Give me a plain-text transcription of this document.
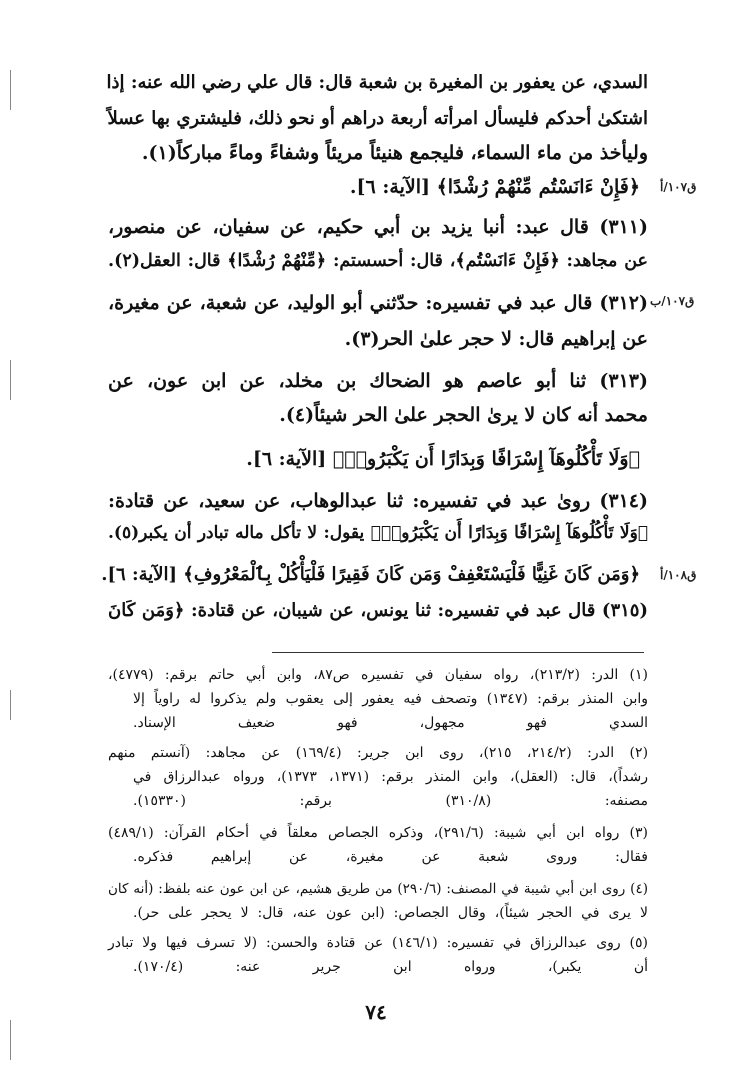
السدي، عن يعفور بن المغيرة بن شعبة قال: قال علي رضي الله عنه: إذا
اشتكىٰ أحدكم فليسأل امرأته أربعة دراهم أو نحو ذلك، فليشتري بها عسلاً
وليأخذ من ماء السماء، فليجمع هنيئاً مريئاً وشفاءً وماءً مباركاً(١).
﴿فَإِنْ ءَانَسْتُم مِّنْهُمْ رُشْدًا﴾ [الآية: ٦].
(٣١١) قال عبد: أنبا يزيد بن أبي حكيم، عن سفيان، عن منصور،
عن مجاهد: ﴿فَإِنْ ءَانَسْتُم﴾، قال: أحسستم: ﴿مِّنْهُمْ رُشْدًا﴾ قال: العقل(٢).
(٣١٢) قال عبد في تفسيره: حدّثني أبو الوليد، عن شعبة، عن مغيرة،
عن إبراهيم قال: لا حجر علىٰ الحر(٣).
(٣١٣) ثنا أبو عاصم هو الضحاك بن مخلد، عن ابن عون، عن
محمد أنه كان لا يرىٰ الحجر علىٰ الحر شيئاً(٤).
﴿وَلَا تَأْكُلُوهَآ إِسْرَافًا وَبِدَارًا أَن يَكْبَرُوا۟﴾ [الآية: ٦].
(٣١٤) روىٰ عبد في تفسيره: ثنا عبدالوهاب، عن سعيد، عن قتادة:
﴿وَلَا تَأْكُلُوهَآ إِسْرَافًا وَبِدَارًا أَن يَكْبَرُوا۟﴾ يقول: لا تأكل ماله تبادر أن يكبر(٥).
﴿وَمَن كَانَ غَنِيًّا فَلْيَسْتَعْفِفْ وَمَن كَانَ فَقِيرًا فَلْيَأْكُلْ بِٱلْمَعْرُوفِ﴾ [الآية: ٦].
(٣١٥) قال عبد في تفسيره: ثنا يونس، عن شيبان، عن قتادة: ﴿وَمَن كَانَ
ق١٠٧/أ
ق١٠٧/ب
ق١٠٨/أ
(١) الدر: (٢١٣/٢)، رواه سفيان في تفسيره ص٨٧، وابن أبي حاتم برقم: (٤٧٧٩)،
وابن المنذر برقم: (١٣٤٧) وتصحف فيه يعفور إلى يعقوب ولم يذكروا له راوياً إلا
السدي فهو مجهول، فهو ضعيف الإسناد.
(٢) الدر: (٢١٤/٢، ٢١٥)، روى ابن جرير: (١٦٩/٤) عن مجاهد: (آنستم منهم
رشداً)، قال: (العقل)، وابن المنذر برقم: (١٣٧١، ١٣٧٣)، ورواه عبدالرزاق في
مصنفه: (٣١٠/٨) برقم: (١٥٣٣٠).
(٣) رواه ابن أبي شيبة: (٢٩١/٦)، وذكره الجصاص معلقاً في أحكام القرآن: (٤٨٩/١)
فقال: وروى شعبة عن مغيرة، عن إبراهيم فذكره.
(٤) روى ابن أبي شيبة في المصنف: (٢٩٠/٦) من طريق هشيم، عن ابن عون عنه بلفظ: (أنه كان
لا يرى في الحجر شيئاً)، وقال الجصاص: (ابن عون عنه، قال: لا يحجر على حر).
(٥) روى عبدالرزاق في تفسيره: (١٤٦/١) عن قتادة والحسن: (لا تسرف فيها ولا تبادر
أن يكبر)، ورواه ابن جرير عنه: (١٧٠/٤).
٧٤
